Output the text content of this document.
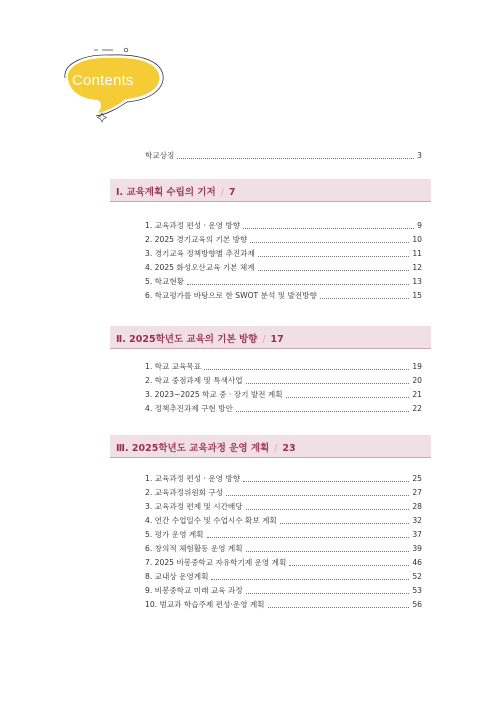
Contents
학교상징	3
Ⅰ. 교육계획 수립의 기저 / 7
1. 교육과정 편성 · 운영 방향	9
2. 2025 경기교육의 기본 방향	10
3. 경기교육 정책방향별 추진과제	11
4. 2025 화성오산교육 기본 체계	12
5. 학교현황	13
6. 학교평가를 바탕으로 한 SWOT 분석 및 발전방향	15
Ⅱ. 2025학년도 교육의 기본 방향 / 17
1. 학교 교육목표	19
2. 학교 중점과제 및 특색사업	20
3. 2023~2025 학교 중 · 장기 발전 계획	21
4. 정책추진과제 구현 방안	22
Ⅲ. 2025학년도 교육과정 운영 계획 / 23
1. 교육과정 편성 · 운영 방향	25
2. 교육과정위원회 구성	27
3. 교육과정 편제 및 시간배당	28
4. 연간 수업일수 및 수업시수 확보 계획	32
5. 평가 운영 계획	37
6. 창의적 체험활동 운영 계획	39
7. 2025 비봉중학교 자유학기제 운영 계획	46
8. 교내상 운영계획	52
9. 비봉중학교 미래 교육 과정	53
10. 범교과 학습주제 편성·운영 계획	56
